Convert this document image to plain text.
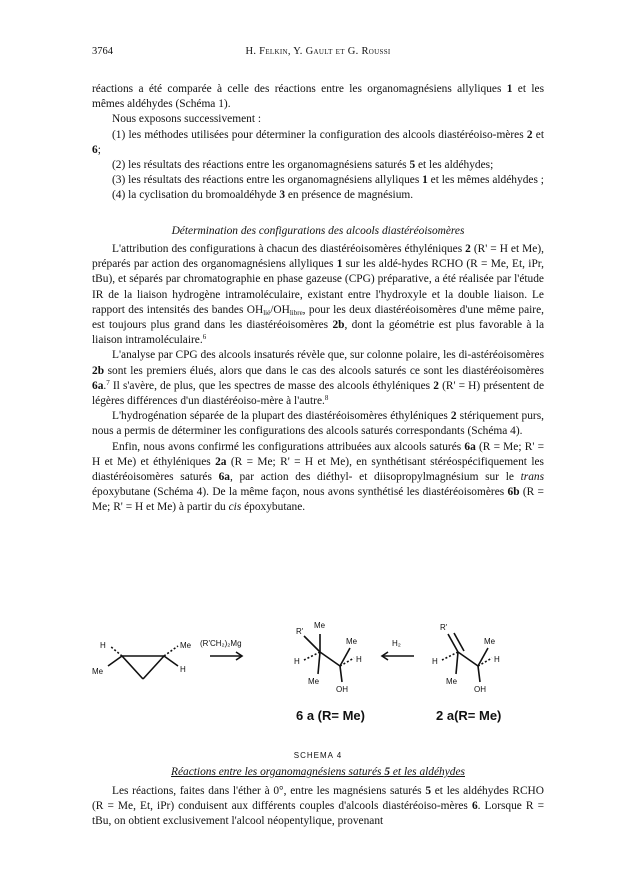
3764	H. Felkin, Y. Gault et G. Roussi

réactions a été comparée à celle des réactions entre les organomagnésiens allyliques 1 et les mêmes aldéhydes (Schéma 1).

Nous exposons successivement :

(1) les méthodes utilisées pour déterminer la configuration des alcools diastéréoiso-mères 2 et 6;

(2) les résultats des réactions entre les organomagnésiens saturés 5 et les aldéhydes;

(3) les résultats des réactions entre les organomagnésiens allyliques 1 et les mêmes aldéhydes ;

(4) la cyclisation du bromoaldéhyde 3 en présence de magnésium.

Détermination des configurations des alcools diastéréoisomères

L'attribution des configurations à chacun des diastéréoisomères éthyléniques 2 (R' = H et Me), préparés par action des organomagnésiens allyliques 1 sur les aldé-hydes RCHO (R = Me, Et, iPr, tBu), et séparés par chromatographie en phase gazeuse (CPG) préparative, a été réalisée par l'étude IR de la liaison hydrogène intramoléculaire, existant entre l'hydroxyle et la double liaison. Le rapport des intensités des bandes $OH_{lié}/OH_{libre}$, pour les deux diastéréoisomères d'une même paire, est toujours plus grand dans les diastéréoisomères 2b, dont la géométrie est plus favorable à la liaison intramoléculaire.$^6$

L'analyse par CPG des alcools insaturés révèle que, sur colonne polaire, les di-astéréoisomères 2b sont les premiers élués, alors que dans le cas des alcools saturés ce sont les diastéréoisomères 6a.$^7$ Il s'avère, de plus, que les spectres de masse des alcools éthyléniques 2 (R' = H) présentent de légères différences d'un diastéréoiso-mère à l'autre.$^8$

L'hydrogénation séparée de la plupart des diastéréoisomères éthyléniques 2 stériquement purs, nous a permis de déterminer les configurations des alcools saturés correspondants (Schéma 4).

Enfin, nous avons confirmé les configurations attribuées aux alcools saturés 6a (R = Me; R' = H et Me) et éthyléniques 2a (R = Me; R' = H et Me), en synthétisant stéréospécifiquement les diastéréoisomères saturés 6a, par action des diéthyl- et diisopropylmagnésium sur le trans époxybutane (Schéma 4). De la même façon, nous avons synthétisé les diastéréoisomères 6b (R = Me; R' = H et Me) à partir du cis époxybutane.

H
Me
Me
H
(R'CH₂)₂Mg
R'
Me
Me
H	H
Me
OH
H₂
R'
Me
H	H
Me
OH
6 a (R= Me)	2 a(R= Me)
SCHEMA 4
Réactions entre les organomagnésiens saturés 5 et les aldéhydes

Les réactions, faites dans l'éther à 0°, entre les magnésiens saturés 5 et les aldéhydes RCHO (R = Me, Et, iPr) conduisent aux différents couples d'alcools diastéréoiso-mères 6. Lorsque R = tBu, on obtient exclusivement l'alcool néopentylique, provenant
